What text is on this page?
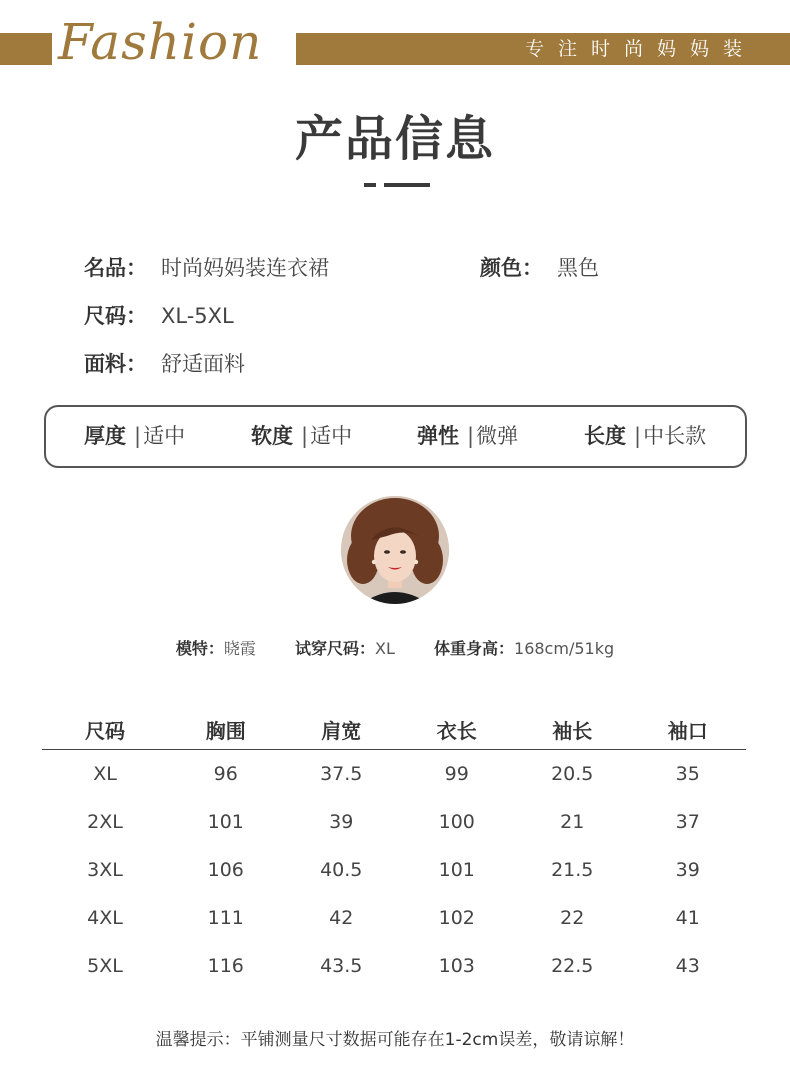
Fashion	专注时尚妈妈装
产品信息
名品： 时尚妈妈装连衣裙	颜色： 黑色
尺码： XL-5XL
面料： 舒适面料
厚度 |适中	软度 |适中	弹性 |微弹	长度 |中长款
模特：晓霞 试穿尺码：XL 体重身高：168cm/51kg
尺码	胸围	肩宽	衣长	袖长	袖口
XL	96	37.5	99	20.5	35
2XL	101	39	100	21	37
3XL	106	40.5	101	21.5	39
4XL	111	42	102	22	41
5XL	116	43.5	103	22.5	43
温馨提示：平铺测量尺寸数据可能存在1-2cm误差，敬请谅解！
